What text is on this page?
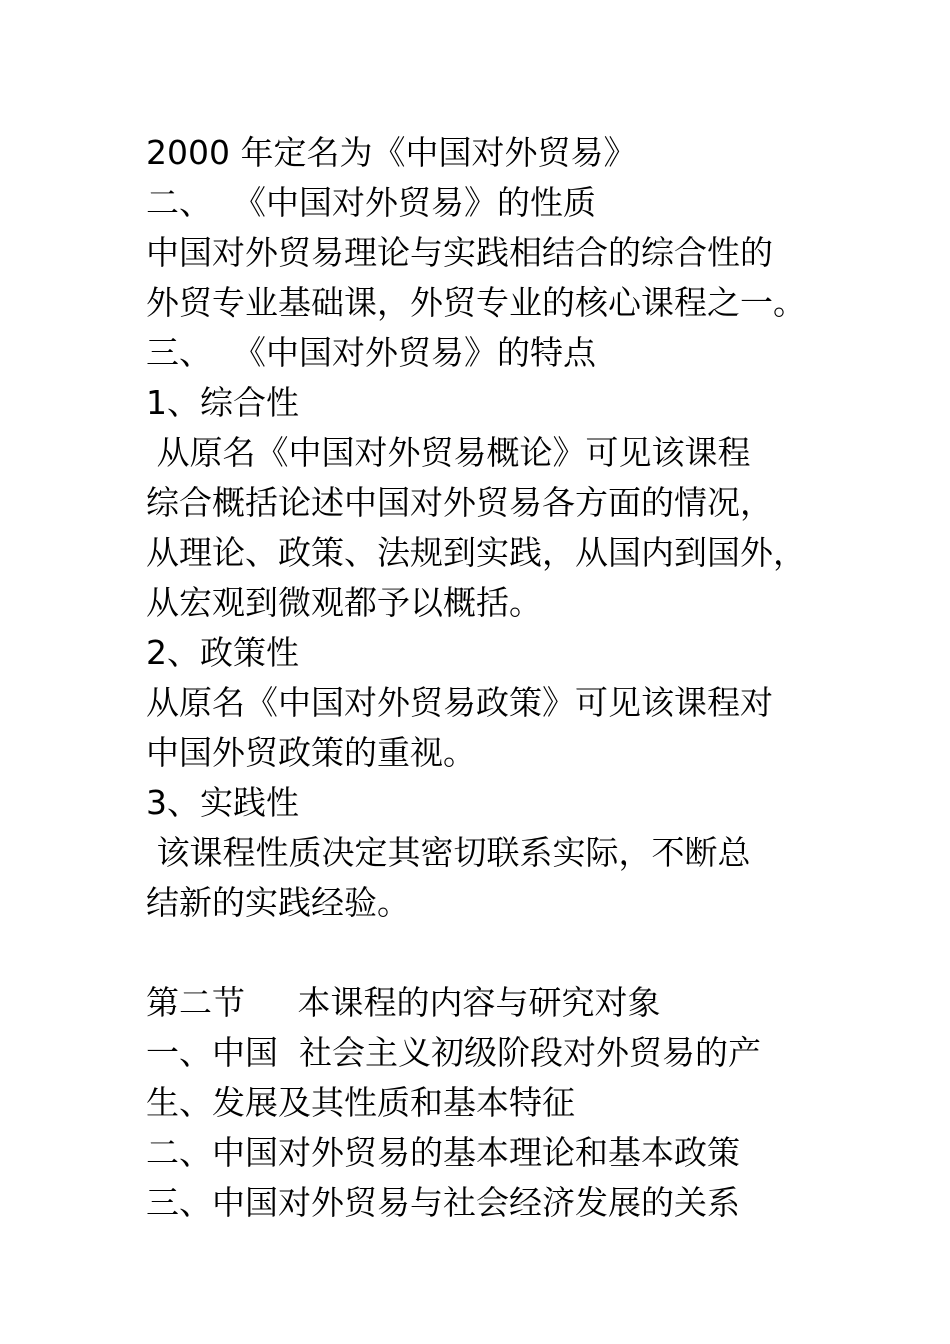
2000 年定名为《中国对外贸易》
二、  《中国对外贸易》的性质
中国对外贸易理论与实践相结合的综合性的
外贸专业基础课，外贸专业的核心课程之一。
三、  《中国对外贸易》的特点
1、综合性
从原名《中国对外贸易概论》可见该课程
综合概括论述中国对外贸易各方面的情况，
从理论、政策、法规到实践，从国内到国外，
从宏观到微观都予以概括。
2、政策性
从原名《中国对外贸易政策》可见该课程对
中国外贸政策的重视。
3、实践性
该课程性质决定其密切联系实际，不断总
结新的实践经验。
第二节     本课程的内容与研究对象
一、中国  社会主义初级阶段对外贸易的产
生、发展及其性质和基本特征
二、中国对外贸易的基本理论和基本政策
三、中国对外贸易与社会经济发展的关系
